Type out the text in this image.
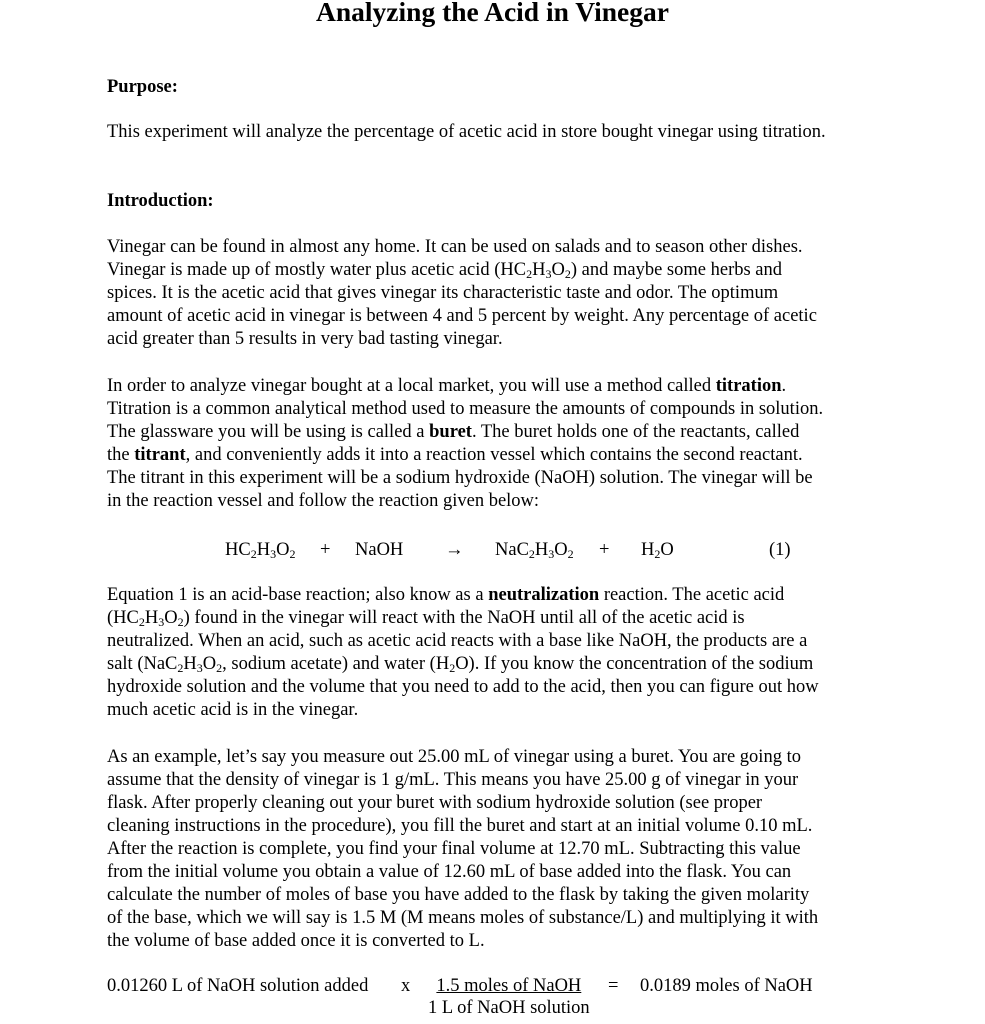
Analyzing the Acid in Vinegar
Purpose:
This experiment will analyze the percentage of acetic acid in store bought vinegar using titration.
Introduction:
Vinegar can be found in almost any home. It can be used on salads and to season other dishes.
Vinegar is made up of mostly water plus acetic acid $(HC_2H_3O_2)$ and maybe some herbs and
spices. It is the acetic acid that gives vinegar its characteristic taste and odor. The optimum
amount of acetic acid in vinegar is between 4 and 5 percent by weight. Any percentage of acetic
acid greater than 5 results in very bad tasting vinegar.
In order to analyze vinegar bought at a local market, you will use a method called titration.
Titration is a common analytical method used to measure the amounts of compounds in solution.
The glassware you will be using is called a buret. The buret holds one of the reactants, called
the titrant, and conveniently adds it into a reaction vessel which contains the second reactant.
The titrant in this experiment will be a sodium hydroxide (NaOH) solution. The vinegar will be
in the reaction vessel and follow the reaction given below:
$HC_2H_3O_2$ + NaOH → $NaC_2H_3O_2 + H_2O$	(1)
Equation 1 is an acid-base reaction; also know as a neutralization reaction. The acetic acid
$(HC_2H_3O_2)$ found in the vinegar will react with the NaOH until all of the acetic acid is
neutralized. When an acid, such as acetic acid reacts with a base like NaOH, the products are a
salt ($NaC_2H_3O_2$, sodium acetate) and water $(H_2O)$. If you know the concentration of the sodium
hydroxide solution and the volume that you need to add to the acid, then you can figure out how
much acetic acid is in the vinegar.
As an example, let’s say you measure out 25.00 mL of vinegar using a buret. You are going to
assume that the density of vinegar is 1 g/mL. This means you have 25.00 g of vinegar in your
flask. After properly cleaning out your buret with sodium hydroxide solution (see proper
cleaning instructions in the procedure), you fill the buret and start at an initial volume 0.10 mL.
After the reaction is complete, you find your final volume at 12.70 mL. Subtracting this value
from the initial volume you obtain a value of 12.60 mL of base added into the flask. You can
calculate the number of moles of base you have added to the flask by taking the given molarity
of the base, which we will say is 1.5 M (M means moles of substance/L) and multiplying it with
the volume of base added once it is converted to L.
0.01260 L of NaOH solution added x	1.5 moles of NaOH
1 L of NaOH solution
= 0.0189 moles of NaOH
